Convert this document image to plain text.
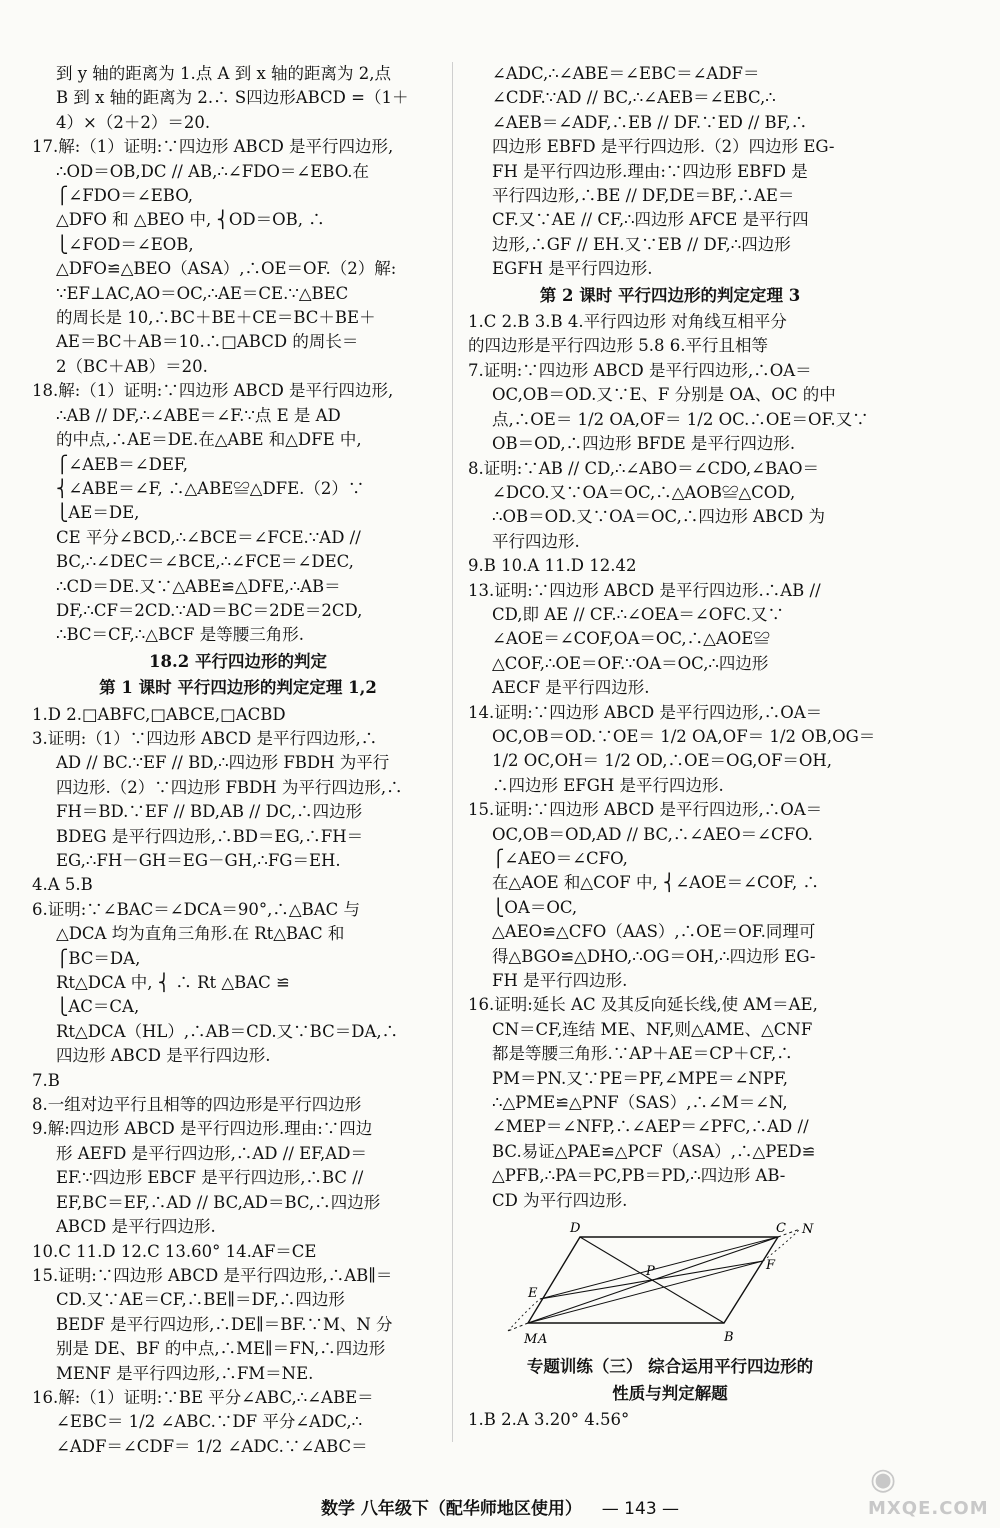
到 y 轴的距离为 1.点 A 到 x 轴的距离为 2,点
B 到 x 轴的距离为 2.∴ S四边形ABCD =（1＋
4）×（2＋2）＝20.
17.解:（1）证明:∵四边形 ABCD 是平行四边形,
∴OD＝OB,DC // AB,∴∠FDO＝∠EBO.在
⎧∠FDO＝∠EBO,
△DFO 和 △BEO 中, ⎨OD＝OB, ∴
⎩∠FOD＝∠EOB,
△DFO≌△BEO（ASA）,∴OE＝OF.（2）解:
∵EF⊥AC,AO＝OC,∴AE＝CE.∵△BEC
的周长是 10,∴BC＋BE＋CE＝BC＋BE＋
AE＝BC＋AB＝10.∴□ABCD 的周长＝
2（BC＋AB）＝20.
18.解:（1）证明:∵四边形 ABCD 是平行四边形,
∴AB // DF,∴∠ABE＝∠F.∵点 E 是 AD
的中点,∴AE＝DE.在△ABE 和△DFE 中,
⎧∠AEB＝∠DEF,
⎨∠ABE＝∠F, ∴△ABE≌△DFE.（2）∵
⎩AE＝DE,
CE 平分∠BCD,∴∠BCE＝∠FCE.∵AD //
BC,∴∠DEC＝∠BCE,∴∠FCE＝∠DEC,
∴CD＝DE.又∵△ABE≌△DFE,∴AB＝
DF,∴CF＝2CD.∵AD＝BC＝2DE＝2CD,
∴BC＝CF,∴△BCF 是等腰三角形.
18.2 平行四边形的判定
第 1 课时 平行四边形的判定定理 1,2
1.D 2.□ABFC,□ABCE,□ACBD
3.证明:（1）∵四边形 ABCD 是平行四边形,∴
AD // BC.∵EF // BD,∴四边形 FBDH 为平行
四边形.（2）∵四边形 FBDH 为平行四边形,∴
FH＝BD.∵EF // BD,AB // DC,∴四边形
BDEG 是平行四边形,∴BD＝EG,∴FH＝
EG,∴FH－GH＝EG－GH,∴FG＝EH.
4.A 5.B
6.证明:∵∠BAC＝∠DCA＝90°,∴△BAC 与
△DCA 均为直角三角形.在 Rt△BAC 和
⎧BC＝DA,
Rt△DCA 中, ⎨ ∴ Rt △BAC ≌
⎩AC＝CA,
Rt△DCA（HL）,∴AB＝CD.又∵BC＝DA,∴
四边形 ABCD 是平行四边形.
7.B
8.一组对边平行且相等的四边形是平行四边形
9.解:四边形 ABCD 是平行四边形.理由:∵四边
形 AEFD 是平行四边形,∴AD // EF,AD＝
EF.∵四边形 EBCF 是平行四边形,∴BC //
EF,BC＝EF,∴AD // BC,AD＝BC,∴四边形
ABCD 是平行四边形.
10.C 11.D 12.C 13.60° 14.AF＝CE
15.证明:∵四边形 ABCD 是平行四边形,∴AB∥＝
CD.又∵AE＝CF,∴BE∥＝DF,∴四边形
BEDF 是平行四边形,∴DE∥＝BF.∵M、N 分
别是 DE、BF 的中点,∴ME∥＝FN,∴四边形
MENF 是平行四边形,∴FM＝NE.
16.解:（1）证明:∵BE 平分∠ABC,∴∠ABE＝
∠EBC＝ 1/2 ∠ABC.∵DF 平分∠ADC,∴
∠ADF＝∠CDF＝ 1/2 ∠ADC.∵∠ABC＝
∠ADC,∴∠ABE＝∠EBC＝∠ADF＝
∠CDF.∵AD // BC,∴∠AEB＝∠EBC,∴
∠AEB＝∠ADF,∴EB // DF.∵ED // BF,∴
四边形 EBFD 是平行四边形.（2）四边形 EG-
FH 是平行四边形.理由:∵四边形 EBFD 是
平行四边形,∴BE // DF,DE＝BF,∴AE＝
CF.又∵AE // CF,∴四边形 AFCE 是平行四
边形,∴GF // EH.又∵EB // DF,∴四边形
EGFH 是平行四边形.
第 2 课时 平行四边形的判定定理 3
1.C 2.B 3.B 4.平行四边形 对角线互相平分
的四边形是平行四边形 5.8 6.平行且相等
7.证明:∵四边形 ABCD 是平行四边形,∴OA＝
OC,OB＝OD.又∵E、F 分别是 OA、OC 的中
点,∴OE＝ 1/2 OA,OF＝ 1/2 OC.∴OE＝OF.又∵
OB＝OD,∴四边形 BFDE 是平行四边形.
8.证明:∵AB // CD,∴∠ABO＝∠CDO,∠BAO＝
∠DCO.又∵OA＝OC,∴△AOB≌△COD,
∴OB＝OD.又∵OA＝OC,∴四边形 ABCD 为
平行四边形.
9.B 10.A 11.D 12.42
13.证明:∵四边形 ABCD 是平行四边形.∴AB //
CD,即 AE // CF.∴∠OEA＝∠OFC.又∵
∠AOE＝∠COF,OA＝OC,∴△AOE≌
△COF,∴OE＝OF.∵OA＝OC,∴四边形
AECF 是平行四边形.
14.证明:∵四边形 ABCD 是平行四边形,∴OA＝
OC,OB＝OD.∵OE＝ 1/2 OA,OF＝ 1/2 OB,OG＝
1/2 OC,OH＝ 1/2 OD,∴OE＝OG,OF＝OH,
∴四边形 EFGH 是平行四边形.
15.证明:∵四边形 ABCD 是平行四边形,∴OA＝
OC,OB＝OD,AD // BC,∴∠AEO＝∠CFO.
⎧∠AEO＝∠CFO,
在△AOE 和△COF 中, ⎨∠AOE＝∠COF, ∴
⎩OA＝OC,
△AEO≌△CFO（AAS）,∴OE＝OF.同理可
得△BGO≌△DHO,∴OG＝OH,∴四边形 EG-
FH 是平行四边形.
16.证明:延长 AC 及其反向延长线,使 AM＝AE,
CN＝CF,连结 ME、NF,则△AME、△CNF
都是等腰三角形.∵AP＋AE＝CP＋CF,∴
PM＝PN.又∵PE＝PF,∠MPE＝∠NPF,
∴△PME≌△PNF（SAS）,∴∠M＝∠N,
∠MEP＝∠NFP,∴∠AEP＝∠PFC,∴AD //
BC.易证△PAE≌△PCF（ASA）,∴△PED≌
△PFB,∴PA＝PC,PB＝PD,∴四边形 AB-
CD 为平行四边形.
D	C N
E
P	F
M A	B
专题训练（三） 综合运用平行四边形的
性质与判定解题
1.B 2.A 3.20° 4.56°
数学 八年级下（配华师地区使用） — 143 —
◉
MXQE.COM
